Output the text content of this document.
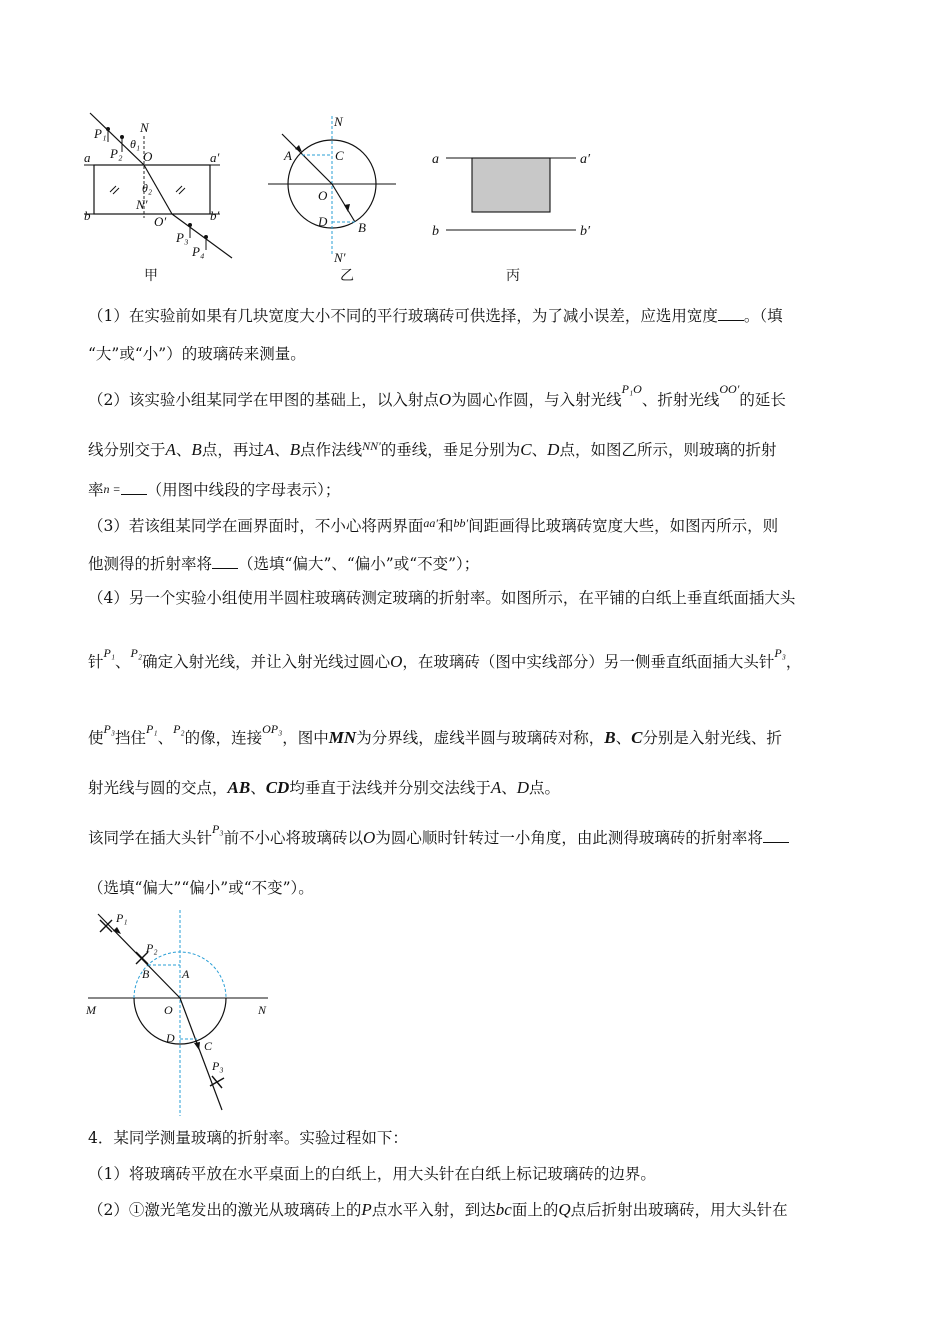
P₁
P₂
N
θ₁
O
a	a′
θ₂
N′
b	O′	b′
P₃
P₄
甲
N
A	C
O
D B
N′
乙
a	a′
b	b′
丙
（1）在实验前如果有几块宽度大小不同的平行玻璃砖可供选择，为了减小误差，应选用宽度 。（填
“大”或“小”）的玻璃砖来测量。
（2）该实验小组某同学在甲图的基础上，以入射点O为圆心作圆，与入射光线$^{P_1O}$、折射光线$^{OO'}$的延长
线分别交于A、B点，再过A、B点作法线$^{NN'}$的垂线，垂足分别为C、D点，如图乙所示，则玻璃的折射
率n = （用图中线段的字母表示）；
（3）若该组某同学在画界面时，不小心将两界面$^{aa'}$和$^{bb'}$间距画得比玻璃砖宽度大些，如图丙所示，则
他测得的折射率将 （选填“偏大”、“偏小”或“不变”）；
（4）另一个实验小组使用半圆柱玻璃砖测定玻璃的折射率。如图所示，在平铺的白纸上垂直纸面插大头
针$^{P_1}$、$^{P_2}$确定入射光线，并让入射光线过圆心O，在玻璃砖（图中实线部分）另一侧垂直纸面插大头针$^{P_3}$，
使$^{P_3}$挡住$^{P_1}$、$^{P_2}$的像，连接$^{OP_3}$，图中MN为分界线，虚线半圆与玻璃砖对称，B、C分别是入射光线、折
射光线与圆的交点，AB、CD均垂直于法线并分别交法线于A、D点。
该同学在插大头针$^{P_3}$前不小心将玻璃砖以O为圆心顺时针转过一小角度，由此测得玻璃砖的折射率将
（选填“偏大”“偏小”或“不变”）。
P₁
P₂
B	A
M	O	N
D
C
P₃
4．某同学测量玻璃的折射率。实验过程如下：
（1）将玻璃砖平放在水平桌面上的白纸上，用大头针在白纸上标记玻璃砖的边界。
（2）①激光笔发出的激光从玻璃砖上的P点水平入射，到达bc面上的Q点后折射出玻璃砖，用大头针在
